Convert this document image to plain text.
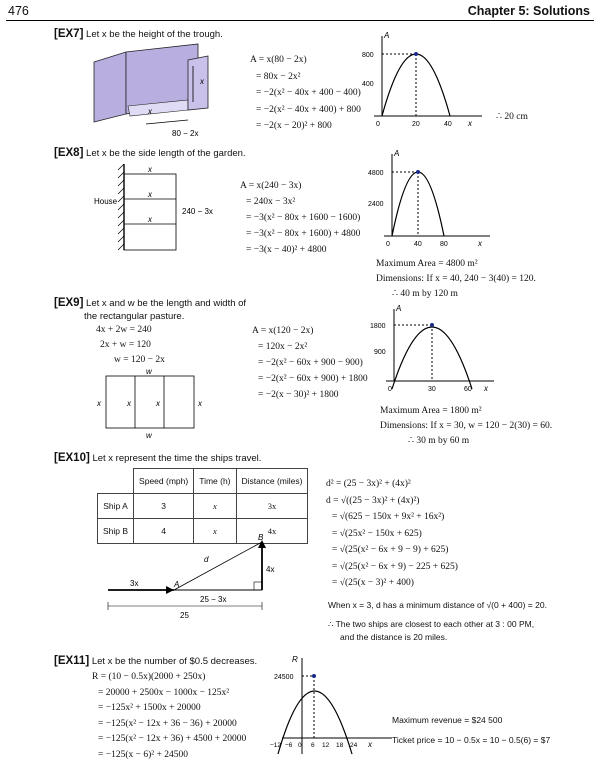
476	Chapter 5: Solutions
[EX7] Let x be the height of the trough.
x
x
80 − 2x
A = x(80 − 2x)
= 80x − 2x²
= −2(x² − 40x + 400 − 400)
= −2(x² − 40x + 400) + 800
= −2(x − 20)² + 800
A
800
400
0	20	40 x
∴ 20 cm
[EX8] Let x be the side length of the garden.
House
x
x
x
240 − 3x
A = x(240 − 3x)
= 240x − 3x²
= −3(x² − 80x + 1600 − 1600)
= −3(x² − 80x + 1600) + 4800
= −3(x − 40)² + 4800
A
4800
2400
0	40	80	x
Maximum Area = 4800 m²
Dimensions: If x = 40, 240 − 3(40) = 120.
∴ 40 m by 120 m
[EX9] Let x and w be the length and width of
the rectangular pasture.
4x + 2w = 240
2x + w = 120
w = 120 − 2x
w
w
x	x	x	x
A = x(120 − 2x)
= 120x − 2x²
= −2(x² − 60x + 900 − 900)
= −2(x² − 60x + 900) + 1800
= −2(x − 30)² + 1800
A
1800
900
0	30	60 x
Maximum Area = 1800 m²
Dimensions: If x = 30, w = 120 − 2(30) = 60.
∴ 30 m by 60 m
[EX10] Let x represent the time the ships travel.
	Speed (mph)	Time (h)	Distance (miles)
Ship A	3	x	3x
Ship B	4	x	4x
3x	A
B
d
25 − 3x
4x
25
d² = (25 − 3x)² + (4x)²
d = √((25 − 3x)² + (4x)²)
= √(625 − 150x + 9x² + 16x²)
= √(25x² − 150x + 625)
= √(25(x² − 6x + 9 − 9) + 625)
= √(25(x² − 6x + 9) − 225 + 625)
= √(25(x − 3)² + 400)
When x = 3, d has a minimum distance of √(0 + 400) = 20.
∴ The two ships are closest to each other at 3 : 00 PM,
and the distance is 20 miles.
[EX11] Let x be the number of $0.5 decreases.
R = (10 − 0.5x)(2000 + 250x)
= 20000 + 2500x − 1000x − 125x²
= −125x² + 1500x + 20000
= −125(x² − 12x + 36 − 36) + 20000
= −125(x² − 12x + 36) + 4500 + 20000
= −125(x − 6)² + 24500
R
24500
−12 −6 0 6 12 18 24 x
Maximum revenue = $24 500
Ticket price = 10 − 0.5x = 10 − 0.5(6) = $7
